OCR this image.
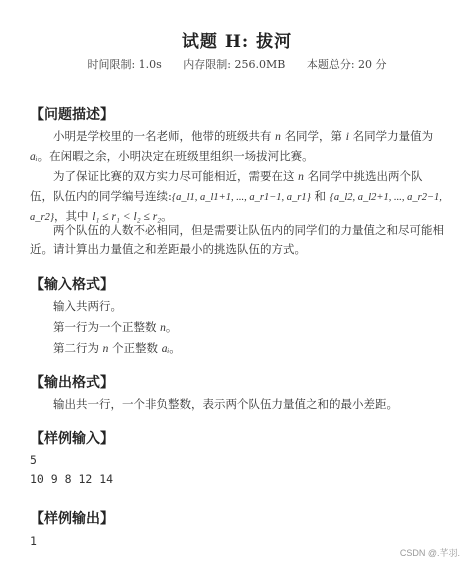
试题 H: 拔河
时间限制: 1.0s 内存限制: 256.0MB 本题总分: 20 分
【问题描述】

小明是学校里的一名老师，他带的班级共有 n 名同学，第 i 名同学力量值为 aᵢ。在闲暇之余，小明决定在班级里组织一场拔河比赛。

为了保证比赛的双方实力尽可能相近，需要在这 n 名同学中挑选出两个队伍，队伍内的同学编号连续:{a_l1, a_l1+1, ..., a_r1−1, a_r1} 和 {a_l2, a_l2+1, ..., a_r2−1, a_r2}，其中 l₁ ≤ r₁ < l₂ ≤ r₂。

两个队伍的人数不必相同，但是需要让队伍内的同学们的力量值之和尽可能相近。请计算出力量值之和差距最小的挑选队伍的方式。

【输入格式】

输入共两行。

第一行为一个正整数 n。

第二行为 n 个正整数 aᵢ。

【输出格式】

输出共一行，一个非负整数，表示两个队伍力量值之和的最小差距。

【样例输入】
5
10 9 8 12 14
【样例输出】
1
CSDN @.芊羽.
